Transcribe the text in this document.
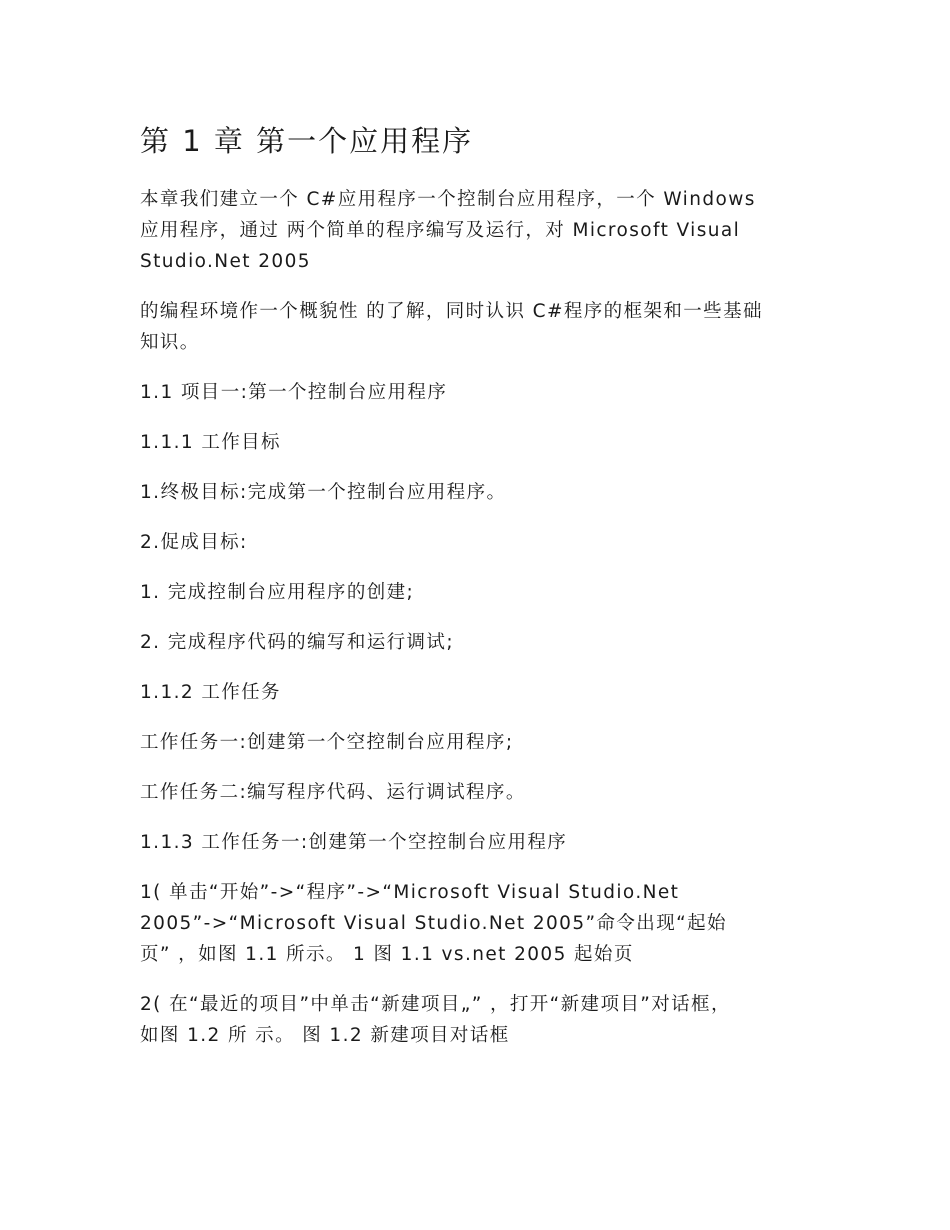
第 1 章 第一个应用程序

本章我们建立一个 C#应用程序一个控制台应用程序，一个 Windows
应用程序，通过 两个简单的程序编写及运行，对 Microsoft Visual
Studio.Net 2005

的编程环境作一个概貌性 的了解，同时认识 C#程序的框架和一些基础
知识。

1.1 项目一:第一个控制台应用程序

1.1.1 工作目标

1.终极目标:完成第一个控制台应用程序。

2.促成目标:

1. 完成控制台应用程序的创建;

2. 完成程序代码的编写和运行调试;

1.1.2 工作任务

工作任务一:创建第一个空控制台应用程序;

工作任务二:编写程序代码、运行调试程序。

1.1.3 工作任务一:创建第一个空控制台应用程序

1( 单击“开始”->“程序”->“Microsoft Visual Studio.Net
2005”->“Microsoft Visual Studio.Net 2005”命令出现“起始
页” ，如图 1.1 所示。 1 图 1.1 vs.net 2005 起始页

2( 在“最近的项目”中单击“新建项目„” ，打开“新建项目”对话框，
如图 1.2 所 示。 图 1.2 新建项目对话框
